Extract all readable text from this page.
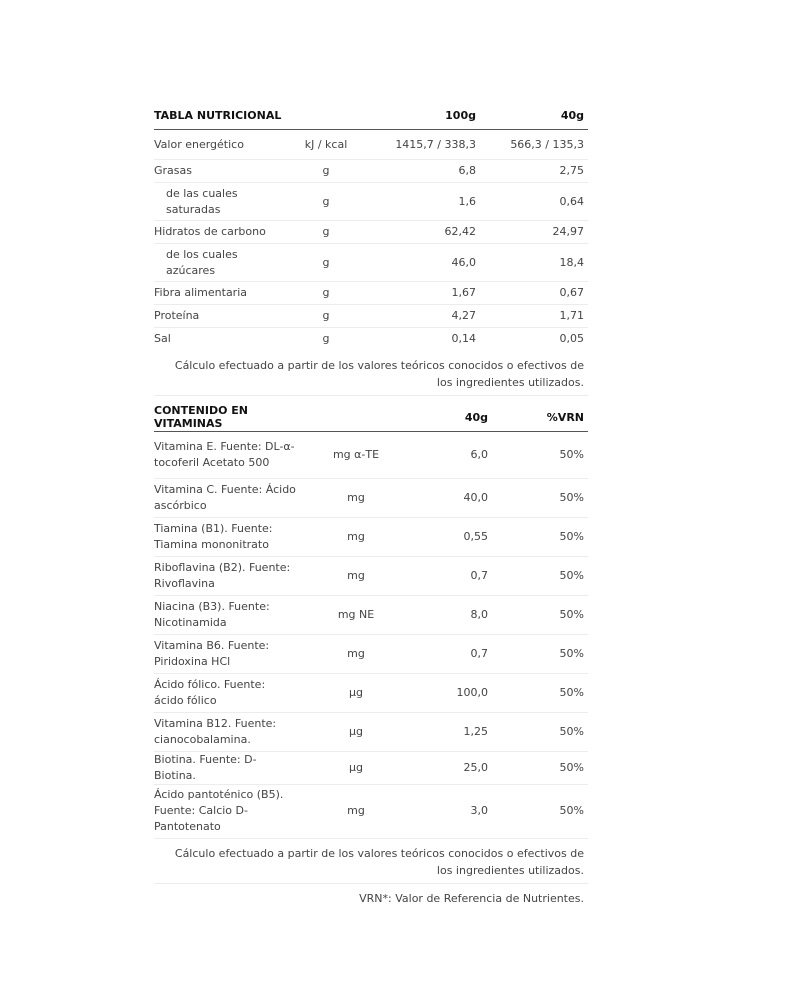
TABLA NUTRICIONAL		100g	40g
Valor energético	kJ / kcal	1415,7 / 338,3	566,3 / 135,3
Grasas	g	6,8	2,75
de las cuales saturadas	g	1,6	0,64
Hidratos de carbono	g	62,42	24,97
de los cuales azúcares	g	46,0	18,4
Fibra alimentaria	g	1,67	0,67
Proteína	g	4,27	1,71
Sal	g	0,14	0,05
Cálculo efectuado a partir de los valores teóricos conocidos o efectivos de los ingredientes utilizados.
CONTENIDO EN VITAMINAS		40g	%VRN
Vitamina E. Fuente: DL-α-tocoferil Acetato 500	mg α-TE	6,0	50%
Vitamina C. Fuente: Ácido ascórbico	mg	40,0	50%
Tiamina (B1). Fuente: Tiamina mononitrato	mg	0,55	50%
Riboflavina (B2). Fuente: Rivoflavina	mg	0,7	50%
Niacina (B3). Fuente: Nicotinamida	mg NE	8,0	50%
Vitamina B6. Fuente: Piridoxina HCl	mg	0,7	50%
Ácido fólico. Fuente: ácido fólico	µg	100,0	50%
Vitamina B12. Fuente: cianocobalamina.	µg	1,25	50%
Biotina. Fuente: D-Biotina.	µg	25,0	50%
Ácido pantoténico (B5). Fuente: Calcio D-Pantotenato	mg	3,0	50%
Cálculo efectuado a partir de los valores teóricos conocidos o efectivos de los ingredientes utilizados.
VRN*: Valor de Referencia de Nutrientes.
